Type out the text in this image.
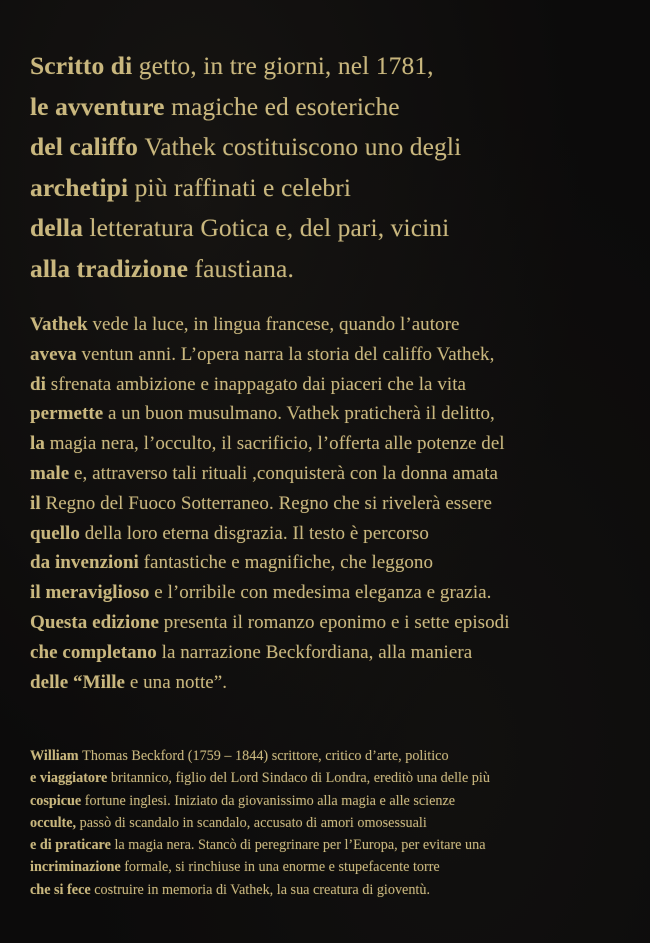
Scritto di getto, in tre giorni, nel 1781,
le avventure magiche ed esoteriche
del califfo Vathek costituiscono uno degli
archetipi più raffinati e celebri
della letteratura Gotica e, del pari, vicini
alla tradizione faustiana.
Vathek vede la luce, in lingua francese, quando l’autore
aveva ventun anni. L’opera narra la storia del califfo Vathek,
di sfrenata ambizione e inappagato dai piaceri che la vita
permette a un buon musulmano. Vathek praticherà il delitto,
la magia nera, l’occulto, il sacrificio, l’offerta alle potenze del
male e, attraverso tali rituali ,conquisterà con la donna amata
il Regno del Fuoco Sotterraneo. Regno che si rivelerà essere
quello della loro eterna disgrazia. Il testo è percorso
da invenzioni fantastiche e magnifiche, che leggono
il meraviglioso e l’orribile con medesima eleganza e grazia.
Questa edizione presenta il romanzo eponimo e i sette episodi
che completano la narrazione Beckfordiana, alla maniera
delle “Mille e una notte”.
William Thomas Beckford (1759 – 1844) scrittore, critico d’arte, politico
e viaggiatore britannico, figlio del Lord Sindaco di Londra, ereditò una delle più
cospicue fortune inglesi. Iniziato da giovanissimo alla magia e alle scienze
occulte, passò di scandalo in scandalo, accusato di amori omosessuali
e di praticare la magia nera. Stancò di peregrinare per l’Europa, per evitare una
incriminazione formale, si rinchiuse in una enorme e stupefacente torre
che si fece costruire in memoria di Vathek, la sua creatura di gioventù.
